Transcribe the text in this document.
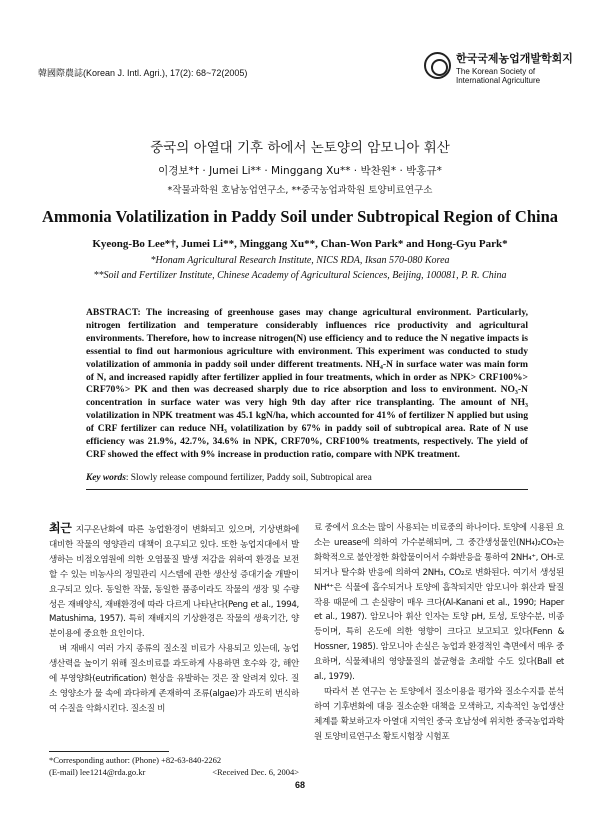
韓國際農誌(Korean J. Intl. Agri.), 17(2): 68~72(2005)
한국국제농업개발학회지
The Korean Society of International Agriculture
중국의 아열대 기후 하에서 논토양의 암모니아 휘산
이경보*† · Jumei Li** · Minggang Xu** · 박찬원* · 박홍규*
*작물과학원 호남농업연구소, **중국농업과학원 토양비료연구소
Ammonia Volatilization in Paddy Soil under Subtropical Region of China
Kyeong-Bo Lee*†, Jumei Li**, Minggang Xu**, Chan-Won Park* and Hong-Gyu Park*
*Honam Agricultural Research Institute, NICS RDA, Iksan 570-080 Korea
**Soil and Fertilizer Institute, Chinese Academy of Agricultural Sciences, Beijing, 100081, P. R. China
ABSTRACT: The increasing of greenhouse gases may change agricultural environment. Particularly, nitrogen fertilization and temperature considerably influences rice productivity and agricultural environments. Therefore, how to increase nitrogen(N) use efficiency and to reduce the N negative impacts is essential to find out harmonious agriculture with environment. This experiment was conducted to study volatilization of ammonia in paddy soil under different treatments. NH₄-N in surface water was main form of N, and increased rapidly after fertilizer applied in four treatments, which in order as NPK> CRF100%> CRF70%> PK and then was decreased sharply due to rice absorption and loss to environment. NO₃-N concentration in surface water was very high 9th day after rice transplanting. The amount of NH₃ volatilization in NPK treatment was 45.1 kgN/ha, which accounted for 41% of fertilizer N applied but using of CRF fertilizer can reduce NH₃ volatilization by 67% in paddy soil of subtropical area. Rate of N use efficiency was 21.9%, 42.7%, 34.6% in NPK, CRF70%, CRF100% treatments, respectively. The yield of CRF showed the effect with 9% increase in production ratio, compare with NPK treatment.
Key words: Slowly release compound fertilizer, Paddy soil, Subtropical area

최근 지구온난화에 따른 농업환경이 변화되고 있으며, 기상변화에 대비한 작물의 영양관리 대책이 요구되고 있다. 또한 농업지대에서 발생하는 비점오염원에 의한 오염물질 발생 저감을 위하여 환경을 보전할 수 있는 비농사의 정밀관리 시스템에 관한 생산성 증대기술 개발이 요구되고 있다. 동일한 작물, 동일한 품종이라도 작물의 생장 및 수량성은 재배양식, 재배환경에 따라 다르게 나타난다(Peng et al., 1994, Matushima, 1957). 특히 재배지의 기상환경은 작물의 생육기간, 양분이용에 중요한 요인이다.

벼 재배시 여러 가지 종류의 질소질 비료가 사용되고 있는데, 농업생산력을 높이기 위해 질소비료를 과도하게 사용하면 호수와 강, 해안에 부영양화(eutrification) 현상을 유발하는 것은 잘 알려져 있다. 질소 영양소가 물 속에 과다하게 존재하여 조류(algae)가 과도히 번식하여 수질을 악화시킨다. 질소질 비

료 중에서 요소는 많이 사용되는 비료중의 하나이다. 토양에 시용된 요소는 urease에 의하여 가수분해되며, 그 중간생성물인(NH₄)₂CO₃는 화학적으로 불안정한 화합물이어서 수화반응을 통하여 2NH₄⁺, OH-로 되거나 탈수화 반응에 의하여 2NH₃, CO₂로 변화된다. 여기서 생성된 NH⁴⁺은 식물에 흡수되거나 토양에 흡착되지만 암모니아 휘산과 탈질작용 때문에 그 손실량이 매우 크다(Al-Kanani et al., 1990; Haper et al., 1987). 암모니아 휘산 인자는 토양 pH, 토성, 토양수분, 비종 등이며, 특히 온도에 의한 영향이 크다고 보고되고 있다(Fenn & Hossner, 1985). 암모니아 손실은 농업과 환경적인 측면에서 매우 중요하며, 식물체내의 영양물질의 불균형을 초래할 수도 있다(Ball et al., 1979).

따라서 본 연구는 논 토양에서 질소이용을 평가와 질소수지를 분석하여 기후변화에 대응 질소순환 대책을 모색하고, 지속적인 농업생산체계를 확보하고자 아열대 지역인 중국 호남성에 위치한 중국농업과학원 토양비료연구소 황토시험장 시험포

*Corresponding author: (Phone) +82-63-840-2262
(E-mail) lee1214@rda.go.kr	<Received Dec. 6, 2004>
68
